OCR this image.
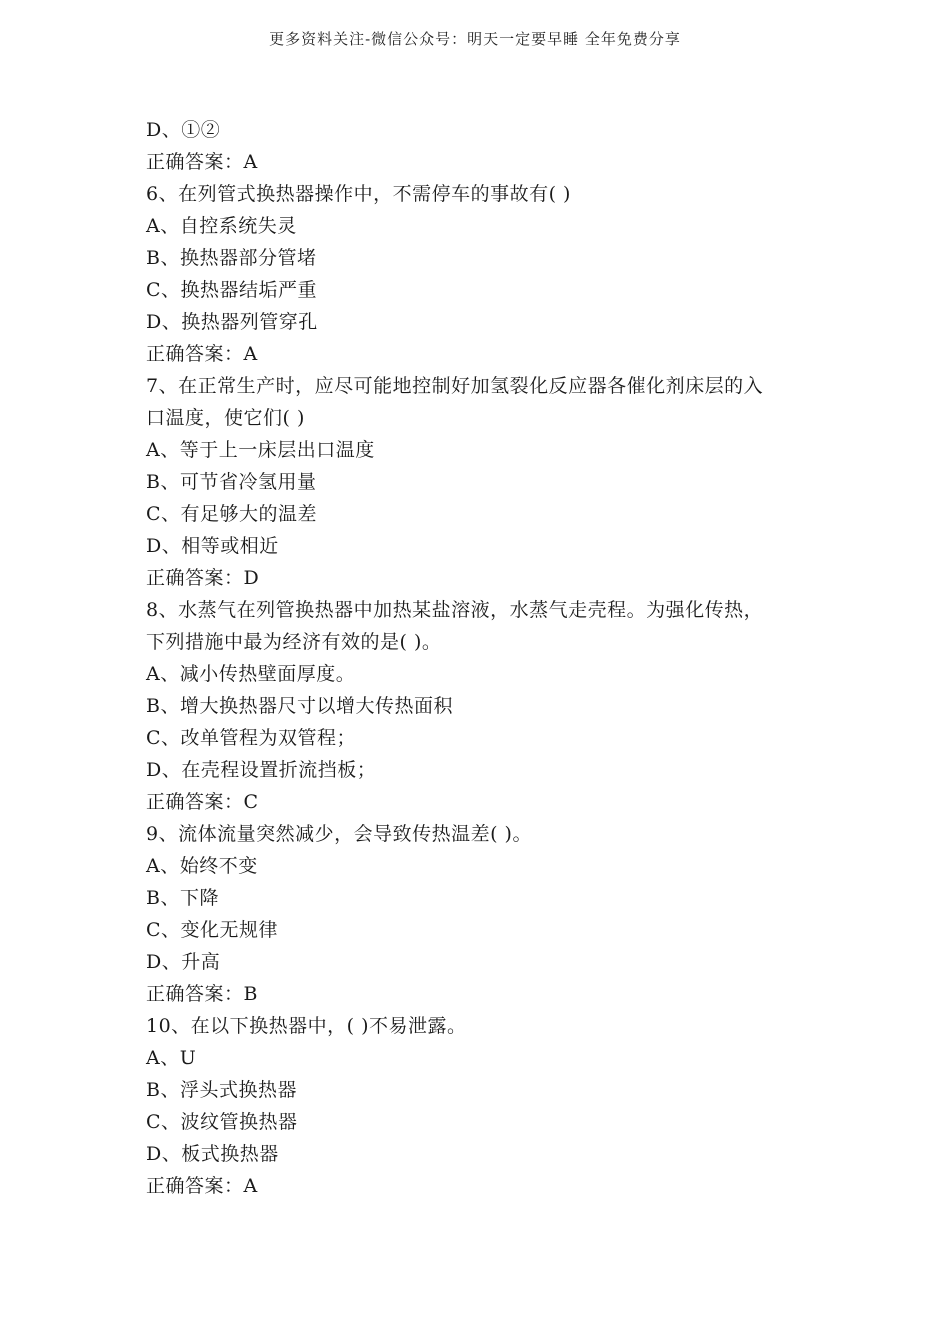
更多资料关注-微信公众号：明天一定要早睡 全年免费分享
D、①②
正确答案：A
6、在列管式换热器操作中，不需停车的事故有( )
A、自控系统失灵
B、换热器部分管堵
C、换热器结垢严重
D、换热器列管穿孔
正确答案：A
7、在正常生产时，应尽可能地控制好加氢裂化反应器各催化剂床层的入
口温度，使它们( )
A、等于上一床层出口温度
B、可节省冷氢用量
C、有足够大的温差
D、相等或相近
正确答案：D
8、水蒸气在列管换热器中加热某盐溶液，水蒸气走壳程。为强化传热，
下列措施中最为经济有效的是( )。
A、减小传热壁面厚度。
B、增大换热器尺寸以增大传热面积
C、改单管程为双管程；
D、在壳程设置折流挡板；
正确答案：C
9、流体流量突然减少，会导致传热温差( )。
A、始终不变
B、下降
C、变化无规律
D、升高
正确答案：B
10、在以下换热器中，( )不易泄露。
A、U
B、浮头式换热器
C、波纹管换热器
D、板式换热器
正确答案：A
